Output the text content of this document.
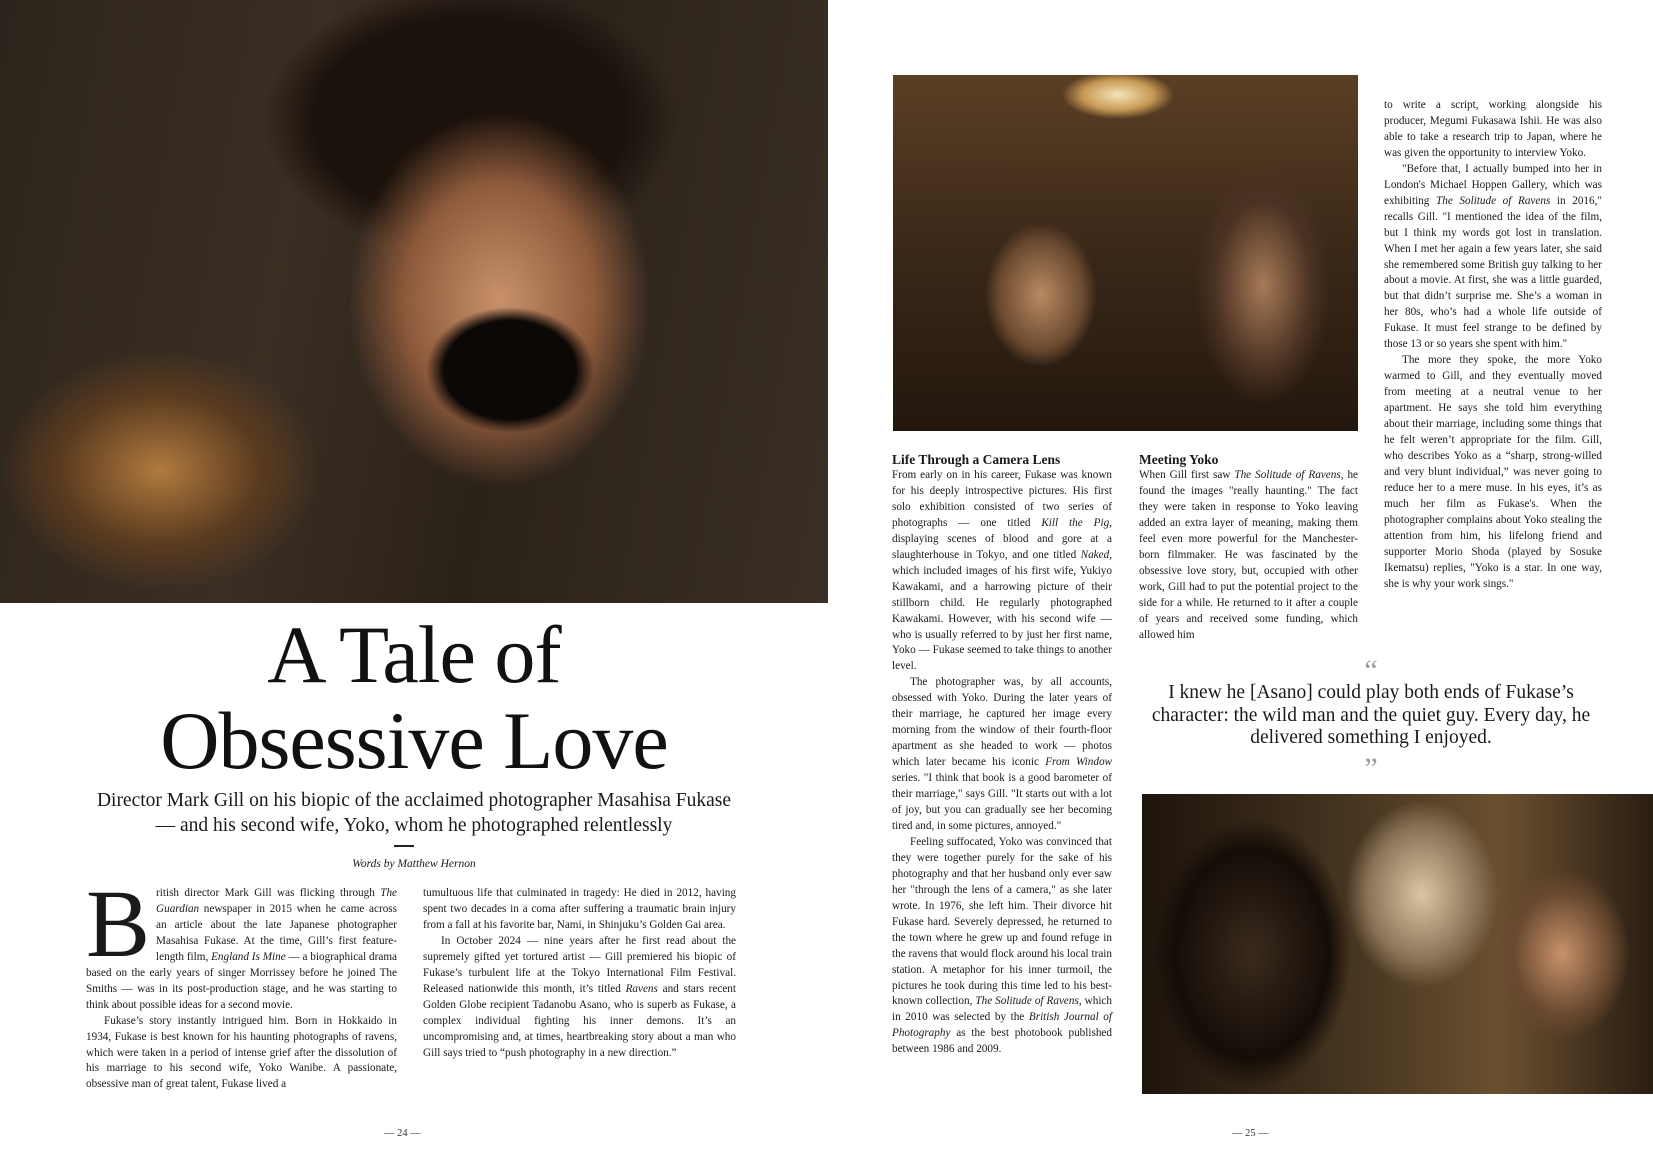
A Tale of
Obsessive Love
Director Mark Gill on his biopic of the acclaimed photographer Masahisa Fukase
— and his second wife, Yoko, whom he photographed relentlessly
Words by Matthew Hernon

British director Mark Gill was flicking through The Guardian newspaper in 2015 when he came across an article about the late Japanese photographer Masahisa Fukase. At the time, Gill’s first feature-length film, England Is Mine — a biographical drama based on the early years of singer Morrissey before he joined The Smiths — was in its post-production stage, and he was starting to think about possible ideas for a second movie.

Fukase’s story instantly intrigued him. Born in Hokkaido in 1934, Fukase is best known for his haunting photographs of ravens, which were taken in a period of intense grief after the dissolution of his marriage to his second wife, Yoko Wanibe. A passionate, obsessive man of great talent, Fukase lived a

tumultuous life that culminated in tragedy: He died in 2012, having spent two decades in a coma after suffering a traumatic brain injury from a fall at his favorite bar, Nami, in Shinjuku’s Golden Gai area.

In October 2024 — nine years after he first read about the supremely gifted yet tortured artist — Gill premiered his biopic of Fukase’s turbulent life at the Tokyo International Film Festival. Released nationwide this month, it’s titled Ravens and stars recent Golden Globe recipient Tadanobu Asano, who is superb as Fukase, a complex individual fighting his inner demons. It’s an uncompromising and, at times, heartbreaking story about a man who Gill says tried to “push photography in a new direction.”

Life Through a Camera Lens

From early on in his career, Fukase was known for his deeply introspective pictures. His first solo exhibition consisted of two series of photographs — one titled Kill the Pig, displaying scenes of blood and gore at a slaughterhouse in Tokyo, and one titled Naked, which included images of his first wife, Yukiyo Kawakami, and a harrowing picture of their stillborn child. He regularly photographed Kawakami. However, with his second wife — who is usually referred to by just her first name, Yoko — Fukase seemed to take things to another level.

The photographer was, by all accounts, obsessed with Yoko. During the later years of their marriage, he captured her image every morning from the window of their fourth-floor apartment as she headed to work — photos which later became his iconic From Window series. "I think that book is a good barometer of their marriage," says Gill. "It starts out with a lot of joy, but you can gradually see her becoming tired and, in some pictures, annoyed."

Feeling suffocated, Yoko was convinced that they were together purely for the sake of his photography and that her husband only ever saw her "through the lens of a camera," as she later wrote. In 1976, she left him. Their divorce hit Fukase hard. Severely depressed, he returned to the town where he grew up and found refuge in the ravens that would flock around his local train station. A metaphor for his inner turmoil, the pictures he took during this time led to his best-known collection, The Solitude of Ravens, which in 2010 was selected by the British Journal of Photography as the best photobook published between 1986 and 2009.

Meeting Yoko

When Gill first saw The Solitude of Ravens, he found the images "really haunting." The fact they were taken in response to Yoko leaving added an extra layer of meaning, making them feel even more powerful for the Manchester-born filmmaker. He was fascinated by the obsessive love story, but, occupied with other work, Gill had to put the potential project to the side for a while. He returned to it after a couple of years and received some funding, which allowed him

to write a script, working alongside his producer, Megumi Fukasawa Ishii. He was also able to take a research trip to Japan, where he was given the opportunity to interview Yoko.

"Before that, I actually bumped into her in London's Michael Hoppen Gallery, which was exhibiting The Solitude of Ravens in 2016," recalls Gill. "I mentioned the idea of the film, but I think my words got lost in translation. When I met her again a few years later, she said she remembered some British guy talking to her about a movie. At first, she was a little guarded, but that didn’t surprise me. She’s a woman in her 80s, who’s had a whole life outside of Fukase. It must feel strange to be defined by those 13 or so years she spent with him."

The more they spoke, the more Yoko warmed to Gill, and they eventually moved from meeting at a neutral venue to her apartment. He says she told him everything about their marriage, including some things that he felt weren’t appropriate for the film. Gill, who describes Yoko as a “sharp, strong-willed and very blunt individual,” was never going to reduce her to a mere muse. In his eyes, it’s as much her film as Fukase's. When the photographer complains about Yoko stealing the attention from him, his lifelong friend and supporter Morio Shoda (played by Sosuke Ikematsu) replies, "Yoko is a star. In one way, she is why your work sings."

“
I knew he [Asano] could play both ends of Fukase’s character: the wild man and the quiet guy. Every day, he delivered something I enjoyed.
”
— 24 —	— 25 —
